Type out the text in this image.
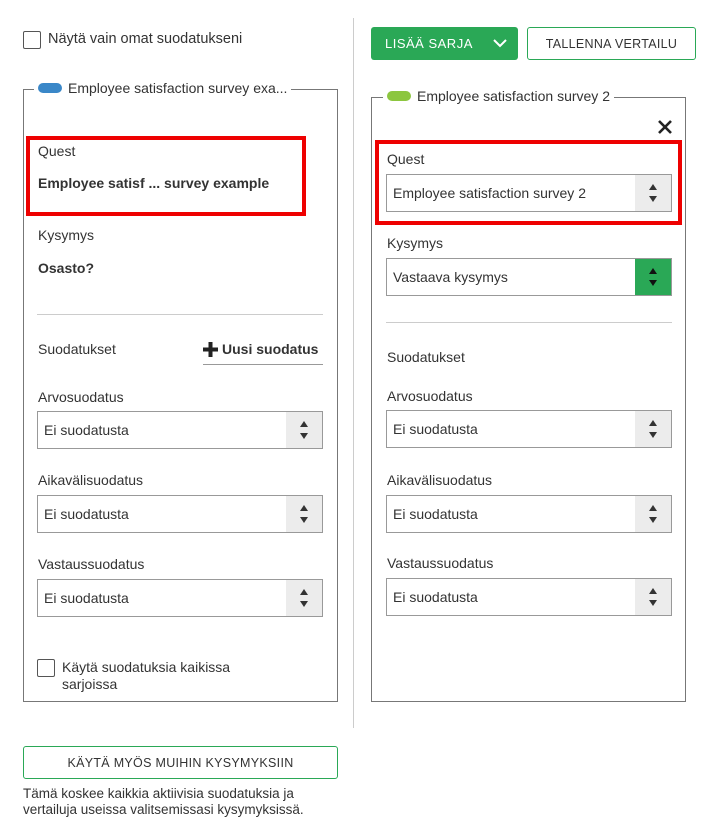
Näytä vain omat suodatukseni	LISÄÄ SARJA	TALLENNA VERTAILU
Employee satisfaction survey exa...
Quest
Employee satisf ... survey example
Kysymys
Osasto?
Suodatukset	Uusi suodatus
Arvosuodatus
Ei suodatusta
Aikavälisuodatus
Ei suodatusta
Vastaussuodatus
Ei suodatusta
Käytä suodatuksia kaikissa
sarjoissa
Employee satisfaction survey 2
Quest
Employee satisfaction survey 2
Kysymys
Vastaava kysymys
Suodatukset
Arvosuodatus
Ei suodatusta
Aikavälisuodatus
Ei suodatusta
Vastaussuodatus
Ei suodatusta
KÄYTÄ MYÖS MUIHIN KYSYMYKSIIN
Tämä koskee kaikkia aktiivisia suodatuksia ja
vertailuja useissa valitsemissasi kysymyksissä.
